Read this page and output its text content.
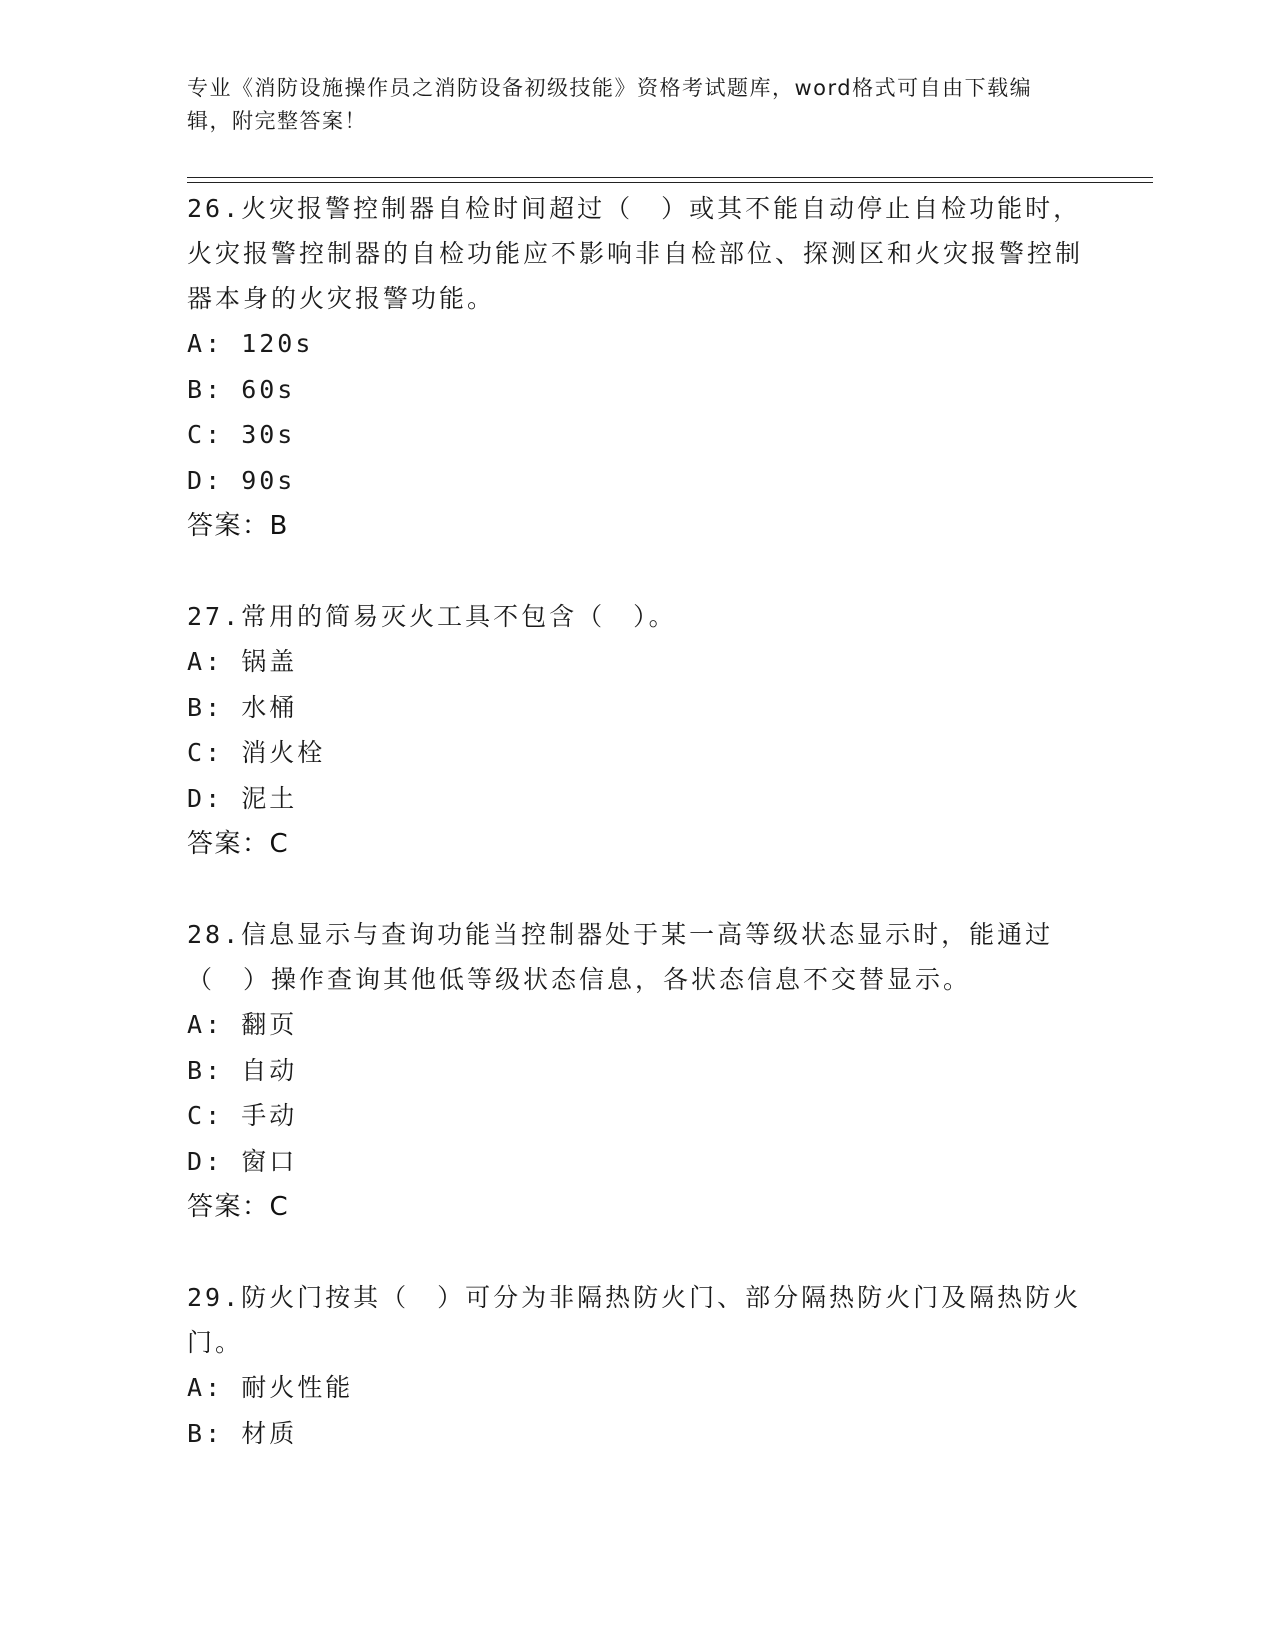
专业《消防设施操作员之消防设备初级技能》资格考试题库，word格式可自由下载编辑，附完整答案！

26.火灾报警控制器自检时间超过（　）或其不能自动停止自检功能时，火灾报警控制器的自检功能应不影响非自检部位、探测区和火灾报警控制器本身的火灾报警功能。

A: 120s

B: 60s

C: 30s

D: 90s

答案：B

27.常用的简易灭火工具不包含（　）。

A: 锅盖

B: 水桶

C: 消火栓

D: 泥土

答案：C

28.信息显示与查询功能当控制器处于某一高等级状态显示时，能通过（　）操作查询其他低等级状态信息，各状态信息不交替显示。

A: 翻页

B: 自动

C: 手动

D: 窗口

答案：C

29.防火门按其（　）可分为非隔热防火门、部分隔热防火门及隔热防火门。

A: 耐火性能

B: 材质
